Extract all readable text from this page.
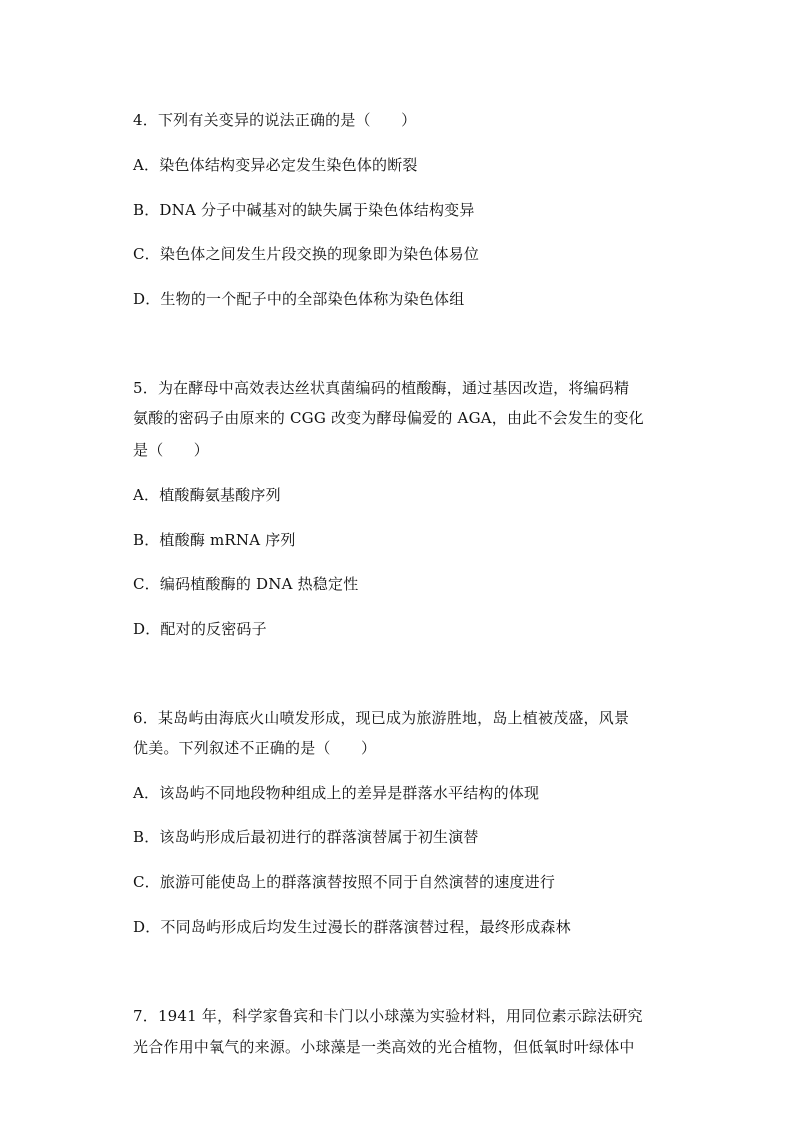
4．下列有关变异的说法正确的是（　　）
A．染色体结构变异必定发生染色体的断裂
B．DNA 分子中碱基对的缺失属于染色体结构变异
C．染色体之间发生片段交换的现象即为染色体易位
D．生物的一个配子中的全部染色体称为染色体组
5．为在酵母中高效表达丝状真菌编码的植酸酶，通过基因改造，将编码精
氨酸的密码子由原来的 CGG 改变为酵母偏爱的 AGA，由此不会发生的变化
是（　　）
A．植酸酶氨基酸序列
B．植酸酶 mRNA 序列
C．编码植酸酶的 DNA 热稳定性
D．配对的反密码子
6．某岛屿由海底火山喷发形成，现已成为旅游胜地，岛上植被茂盛，风景
优美。下列叙述不正确的是（　　）
A．该岛屿不同地段物种组成上的差异是群落水平结构的体现
B．该岛屿形成后最初进行的群落演替属于初生演替
C．旅游可能使岛上的群落演替按照不同于自然演替的速度进行
D．不同岛屿形成后均发生过漫长的群落演替过程，最终形成森林
7．1941 年，科学家鲁宾和卡门以小球藻为实验材料，用同位素示踪法研究
光合作用中氧气的来源。小球藻是一类高效的光合植物，但低氧时叶绿体中
